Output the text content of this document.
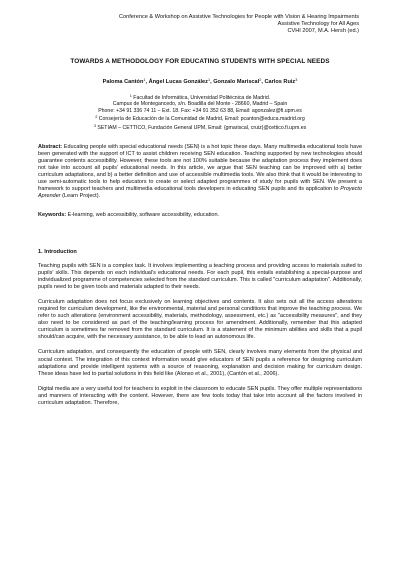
Conference & Workshop on Assistive Technologies for People with Vision & Hearing Impairments
Assistive Technology for All Ages
CVHI 2007, M.A. Hersh (ed.)
TOWARDS A METHODOLOGY FOR EDUCATING STUDENTS WITH SPECIAL NEEDS
Paloma Cantón$^1$, Ángel Lucas González$^1$, Gonzalo Mariscal$^2$, Carlos Ruiz$^3$
$^1$ Facultad de Informática, Universidad Politécnica de Madrid.
Campus de Montegancedo, s/n. Boadilla del Monte - 28660, Madrid – Spain
Phone: +34 91 336 74 11 – Ext. 18. Fax: +34 91 352 63 88, Email: agonzalez@fi.upm.es
$^2$ Consejería de Educación de la Comunidad de Madrid, Email: pcanton@educa.madrid.org
$^3$ SETIAM – CETTICO, Fundación General UPM, Email: {gmariscal, cruiz}@cettico.fi.upm.es

Abstract: Educating people with special educational needs (SEN) is a hot topic these days. Many multimedia educational tools have been generated with the support of ICT to assist children receiving SEN education. Teaching supported by new technologies should guarantee contents accessibility. However, these tools are not 100% suitable because the adaptation process they implement does not take into account all pupils' educational needs. In this article, we argue that SEN teaching can be improved with a) better curriculum adaptations, and b) a better definition and use of accessible multimedia tools. We also think that it would be interesting to use semi-automatic tools to help educators to create or select adapted programmes of study for pupils with SEN. We present a framework to support teachers and multimedia educational tools developers in educating SEN pupils and its application to Proyecto Aprender (Learn Project).

Keywords: E-learning, web accessibility, software accessibility, education.

1. Introduction

Teaching pupils with SEN is a complex task. It involves implementing a teaching process and providing access to materials suited to pupils' skills. This depends on each individual's educational needs. For each pupil, this entails establishing a special-purpose and individualized programme of competencies selected from the standard curriculum. This is called "curriculum adaptation". Additionally, pupils need to be given tools and materials adapted to their needs.

Curriculum adaptation does not focus exclusively on learning objectives and contents. It also sets out all the access alterations required for curriculum development, like the environmental, material and personal conditions that improve the teaching process. We refer to such alterations (environment accessibility, materials, methodology, assessment, etc.) as "accessibility measures", and they also need to be considered as part of the teaching/learning process for amendment. Additionally, remember that this adapted curriculum is sometimes far removed from the standard curriculum. It is a statement of the minimum abilities and skills that a pupil should/can acquire, with the necessary assistance, to be able to lead an autonomous life.

Curriculum adaptation, and consequently the education of people with SEN, clearly involves many elements from the physical and social context. The integration of this context information would give educators of SEN pupils a reference for designing curriculum adaptations and provide intelligent systems with a source of reasoning, explanation and decision making for curriculum design. These ideas have led to partial solutions in this field like (Alonso et al., 2001), (Cantón et al., 2006).

Digital media are a very useful tool for teachers to exploit in the classroom to educate SEN pupils. They offer multiple representations and manners of interacting with the content. However, there are few tools today that take into account all the factors involved in curriculum adaptation. Therefore,
